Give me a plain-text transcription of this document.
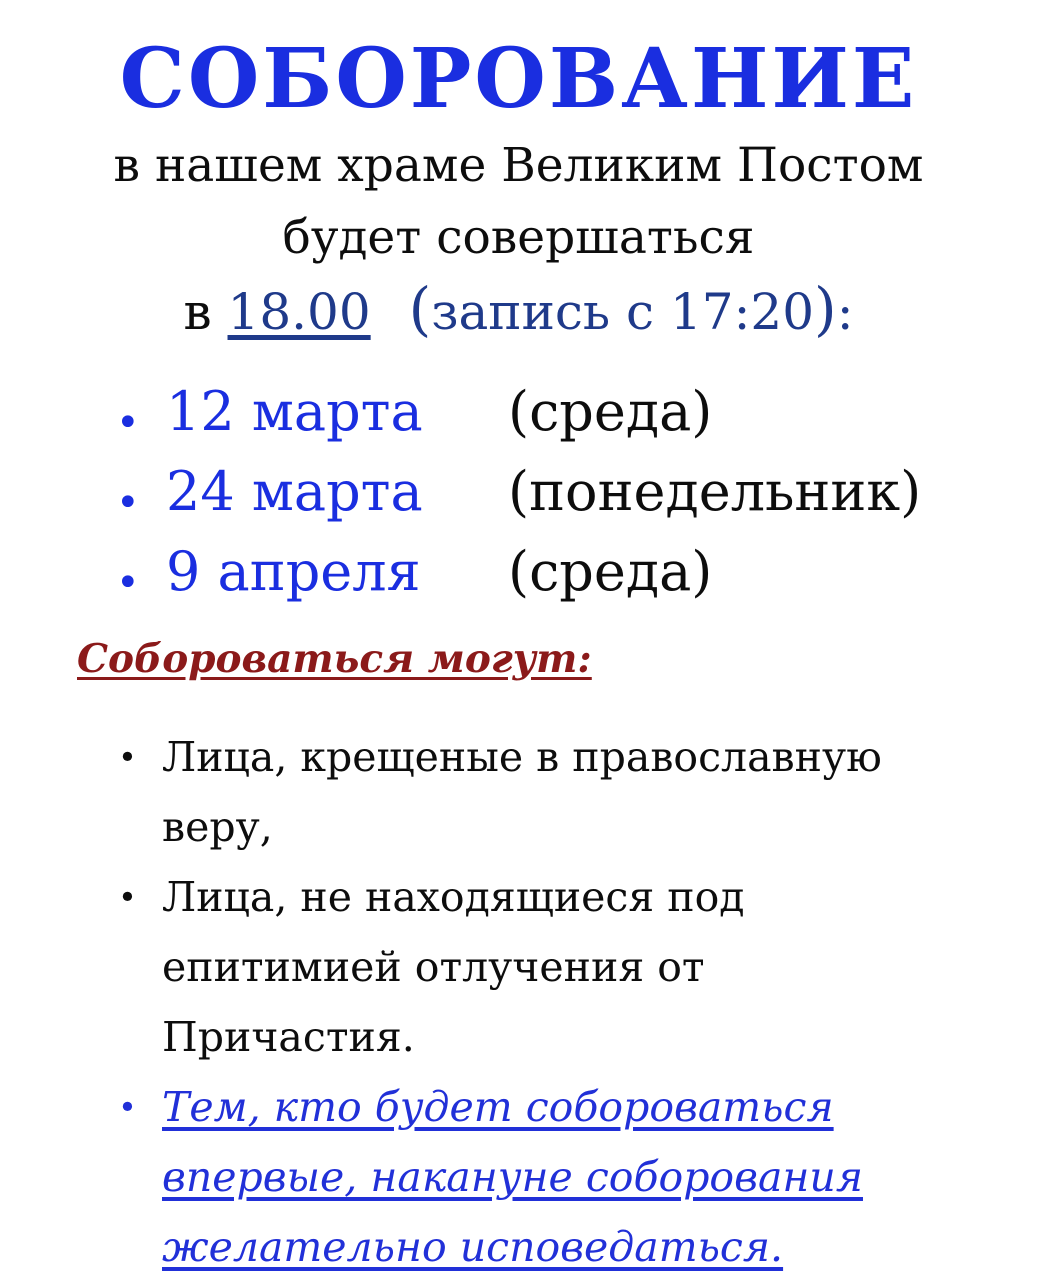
СОБОРОВАНИЕ
в нашем храме Великим Постом
будет совершаться
в 18.00 (запись с 17:20):
• 12 марта (среда)
• 24 марта (понедельник)
• 9 апреля (среда)
Соборoваться могут:
• Лица, крещеные в православную веру,
• Лица, не находящиеся под епитимией отлучения от Причастия.
• Тем, кто будет собороваться впервые, накануне соборования желательно исповедаться.
